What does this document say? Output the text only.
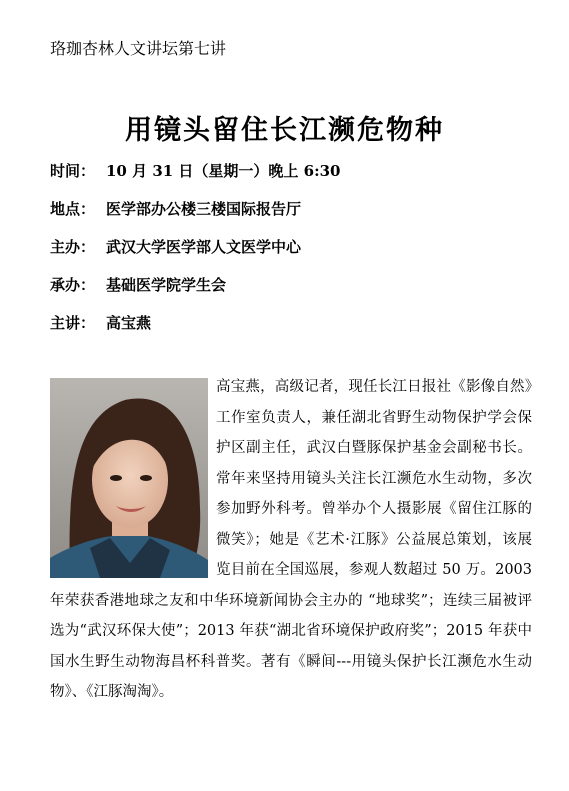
珞珈杏林人文讲坛第七讲
用镜头留住长江濒危物种
时间： 10 月 31 日（星期一）晚上 6:30
地点： 医学部办公楼三楼国际报告厅
主办： 武汉大学医学部人文医学中心
承办： 基础医学院学生会
主讲： 高宝燕

高宝燕，高级记者，现任长江日报社《影像自然》工作室负责人，兼任湖北省野生动物保护学会保护区副主任，武汉白暨豚保护基金会副秘书长。常年来坚持用镜头关注长江濒危水生动物，多次参加野外科考。曾举办个人摄影展《留住江豚的微笑》；她是《艺术·江豚》公益展总策划，该展览目前在全国巡展，参观人数超过 50 万。2003 年荣获香港地球之友和中华环境新闻协会主办的 “地球奖”；连续三届被评选为“武汉环保大使”；2013 年获“湖北省环境保护政府奖”；2015 年获中国水生野生动物海昌杯科普奖。著有《瞬间---用镜头保护长江濒危水生动物》、《江豚淘淘》。
